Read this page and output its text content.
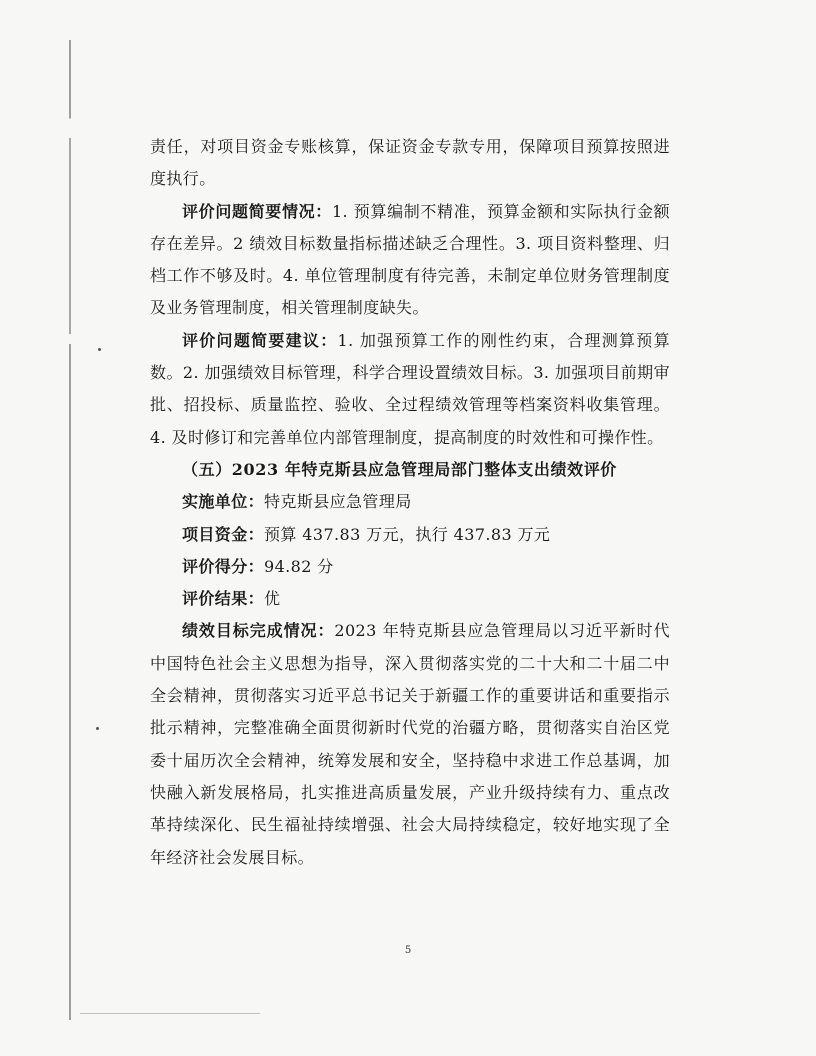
责任，对项目资金专账核算，保证资金专款专用，保障项目预算按照进度执行。

评价问题简要情况：1. 预算编制不精准，预算金额和实际执行金额存在差异。2 绩效目标数量指标描述缺乏合理性。3. 项目资料整理、归档工作不够及时。4. 单位管理制度有待完善，未制定单位财务管理制度及业务管理制度，相关管理制度缺失。

评价问题简要建议：1. 加强预算工作的刚性约束，合理测算预算数。2. 加强绩效目标管理，科学合理设置绩效目标。3. 加强项目前期审批、招投标、质量监控、验收、全过程绩效管理等档案资料收集管理。4. 及时修订和完善单位内部管理制度，提高制度的时效性和可操作性。

（五）2023 年特克斯县应急管理局部门整体支出绩效评价

实施单位：特克斯县应急管理局

项目资金：预算 437.83 万元，执行 437.83 万元

评价得分：94.82 分

评价结果：优

绩效目标完成情况：2023 年特克斯县应急管理局以习近平新时代中国特色社会主义思想为指导，深入贯彻落实党的二十大和二十届二中全会精神，贯彻落实习近平总书记关于新疆工作的重要讲话和重要指示批示精神，完整准确全面贯彻新时代党的治疆方略，贯彻落实自治区党委十届历次全会精神，统筹发展和安全，坚持稳中求进工作总基调，加快融入新发展格局，扎实推进高质量发展，产业升级持续有力、重点改革持续深化、民生福祉持续增强、社会大局持续稳定，较好地实现了全年经济社会发展目标。

5
